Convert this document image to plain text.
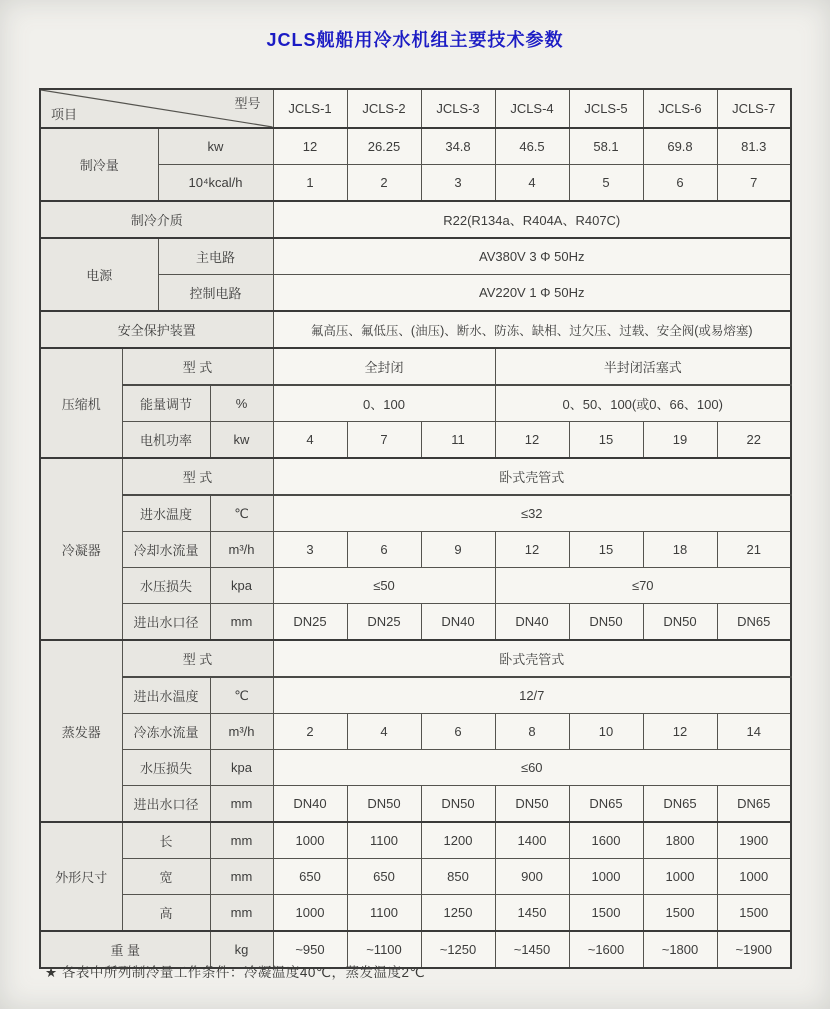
JCLS舰船用冷水机组主要技术参数
项目
型号				JCLS-1	JCLS-2	JCLS-3	JCLS-4	JCLS-5	JCLS-6	JCLS-7
制冷量		kw		12	26.25	34.8	46.5	58.1	69.8	81.3
		10⁴kcal/h		1	2	3	4	5	6	7
制冷介质				R22(R134a、R404A、R407C)						
电源		主电路		AV380V 3 Φ 50Hz						
		控制电路		AV220V 1 Φ 50Hz						
安全保护装置				氟高压、氟低压、(油压)、断水、防冻、缺相、过欠压、过载、安全阀(或易熔塞)						
压缩机	型 式			全封闭			半封闭活塞式			
	能量调节		%	0、100			0、50、100(或0、66、100)			
	电机功率		kw	4	7	11	12	15	19	22
冷凝器	型 式			卧式壳管式						
	进水温度		℃	≤32						
	冷却水流量		m³/h	3	6	9	12	15	18	21
	水压损失		kpa	≤50			≤70			
	进出水口径		mm	DN25	DN25	DN40	DN40	DN50	DN50	DN65
蒸发器	型 式			卧式壳管式						
	进出水温度		℃	12/7						
	冷冻水流量		m³/h	2	4	6	8	10	12	14
	水压损失		kpa	≤60						
	进出水口径		mm	DN40	DN50	DN50	DN50	DN65	DN65	DN65
外形尺寸	长		mm	1000	1100	1200	1400	1600	1800	1900
	宽		mm	650	650	850	900	1000	1000	1000
	高		mm	1000	1100	1250	1450	1500	1500	1500
重 量			kg	~950	~1100	~1250	~1450	~1600	~1800	~1900
★ 各表中所列制冷量工作条件：冷凝温度40℃，蒸发温度2℃
